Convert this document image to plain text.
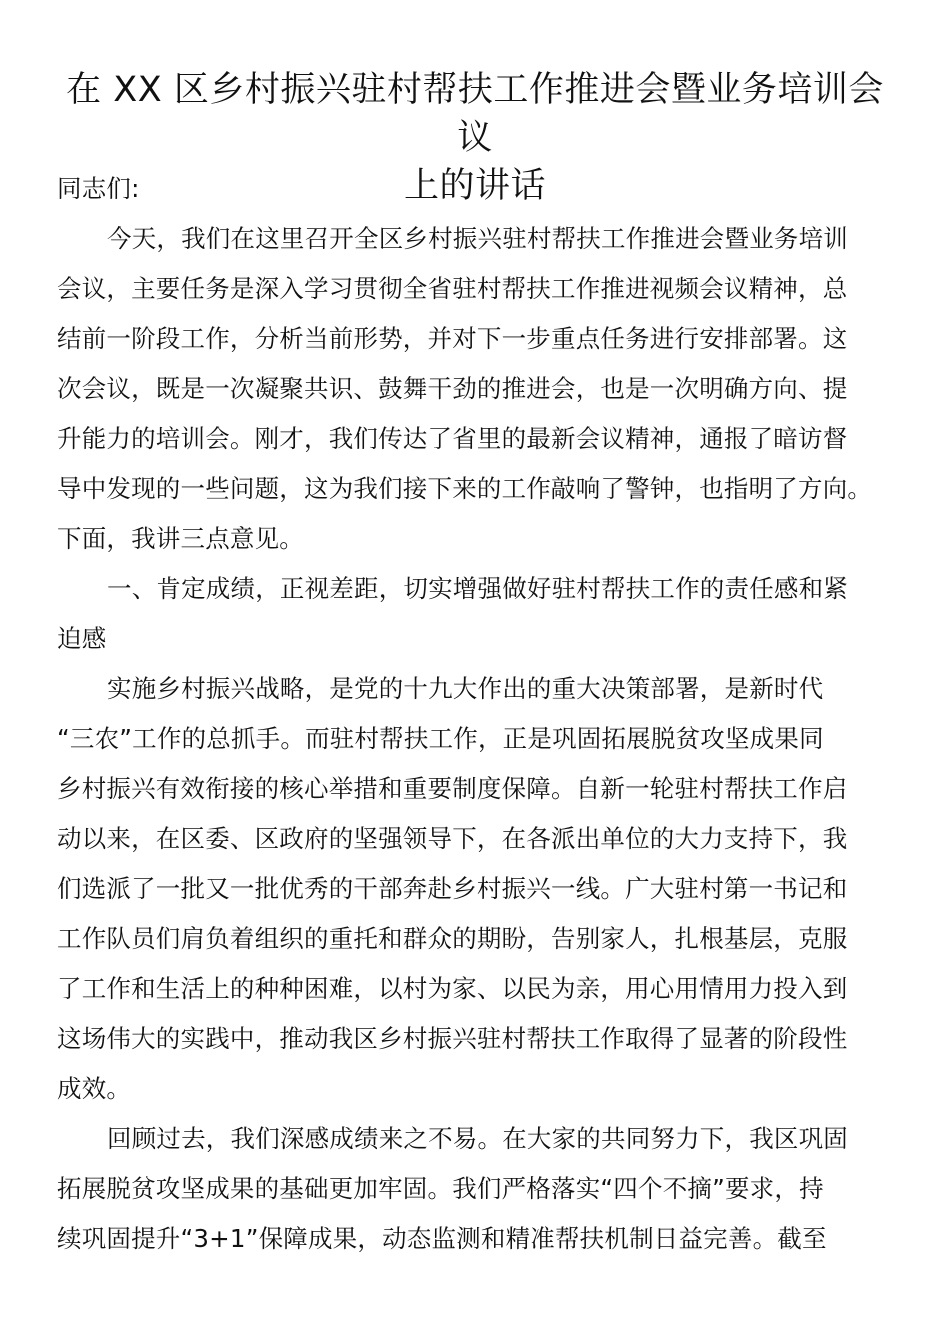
在 XX 区乡村振兴驻村帮扶工作推进会暨业务培训会议
上的讲话
同志们:
今天，我们在这里召开全区乡村振兴驻村帮扶工作推进会暨业务培训
会议，主要任务是深入学习贯彻全省驻村帮扶工作推进视频会议精神，总
结前一阶段工作，分析当前形势，并对下一步重点任务进行安排部署。这
次会议，既是一次凝聚共识、鼓舞干劲的推进会，也是一次明确方向、提
升能力的培训会。刚才，我们传达了省里的最新会议精神，通报了暗访督
导中发现的一些问题，这为我们接下来的工作敲响了警钟，也指明了方向。
下面，我讲三点意见。
一、肯定成绩，正视差距，切实增强做好驻村帮扶工作的责任感和紧
迫感
实施乡村振兴战略，是党的十九大作出的重大决策部署，是新时代
“三农”工作的总抓手。而驻村帮扶工作，正是巩固拓展脱贫攻坚成果同
乡村振兴有效衔接的核心举措和重要制度保障。自新一轮驻村帮扶工作启
动以来，在区委、区政府的坚强领导下，在各派出单位的大力支持下，我
们选派了一批又一批优秀的干部奔赴乡村振兴一线。广大驻村第一书记和
工作队员们肩负着组织的重托和群众的期盼，告别家人，扎根基层，克服
了工作和生活上的种种困难，以村为家、以民为亲，用心用情用力投入到
这场伟大的实践中，推动我区乡村振兴驻村帮扶工作取得了显著的阶段性
成效。
回顾过去，我们深感成绩来之不易。在大家的共同努力下，我区巩固
拓展脱贫攻坚成果的基础更加牢固。我们严格落实“四个不摘”要求，持
续巩固提升“3+1”保障成果，动态监测和精准帮扶机制日益完善。截至
